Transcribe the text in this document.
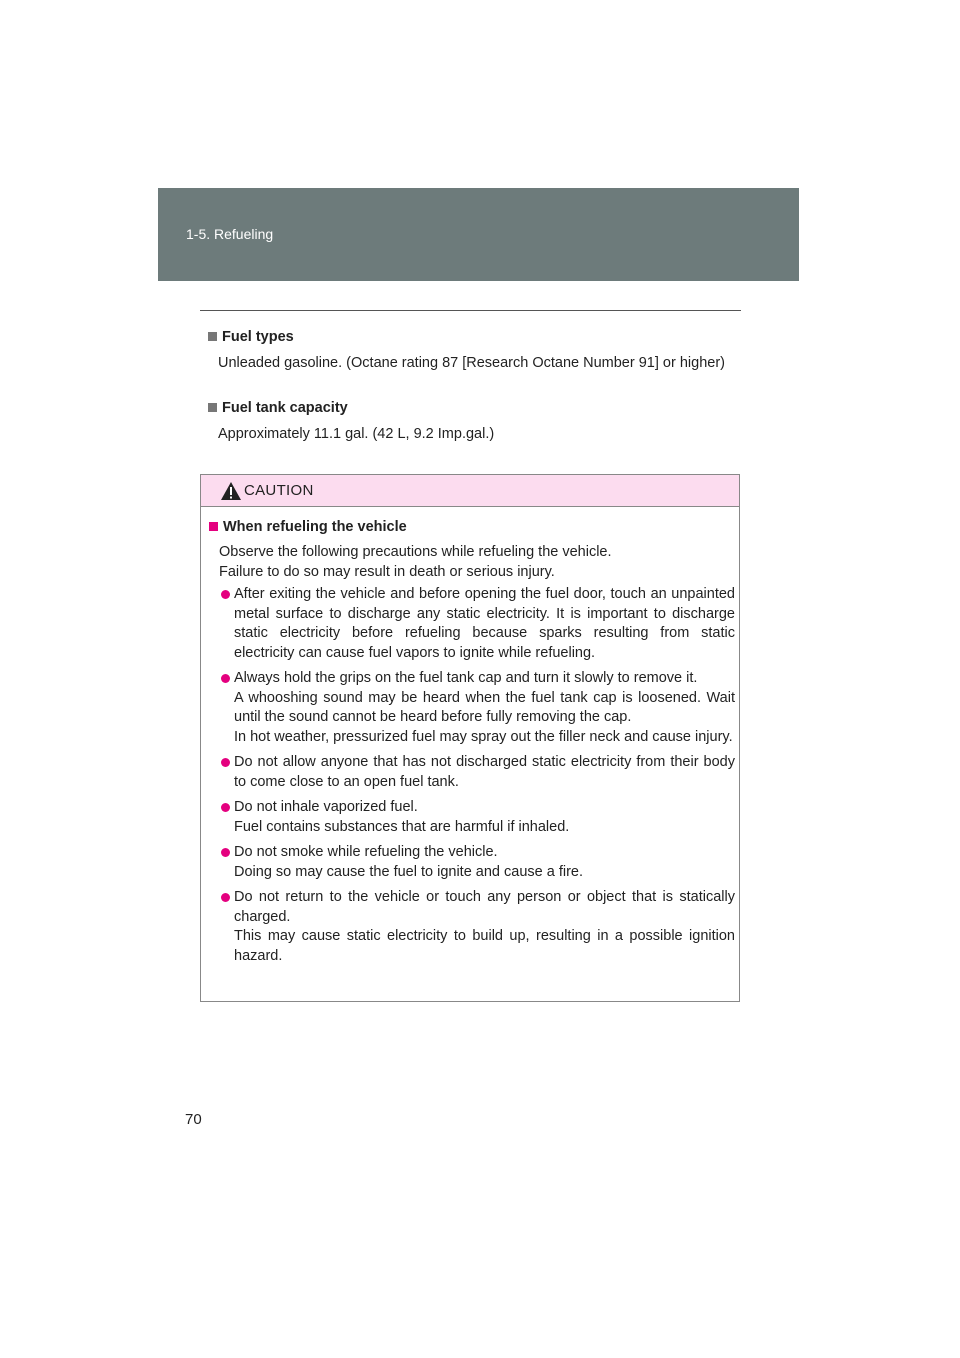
1-5. Refueling
Fuel types
Unleaded gasoline. (Octane rating 87 [Research Octane Number 91] or higher)
Fuel tank capacity
Approximately 11.1 gal. (42 L, 9.2 Imp.gal.)
CAUTION
When refueling the vehicle
Observe the following precautions while refueling the vehicle.
Failure to do so may result in death or serious injury.
After exiting the vehicle and before opening the fuel door, touch an unpainted metal surface to discharge any static electricity. It is important to discharge static electricity before refueling because sparks resulting from static electricity can cause fuel vapors to ignite while refueling.
Always hold the grips on the fuel tank cap and turn it slowly to remove it.
A whooshing sound may be heard when the fuel tank cap is loosened. Wait until the sound cannot be heard before fully removing the cap.
In hot weather, pressurized fuel may spray out the filler neck and cause injury.
Do not allow anyone that has not discharged static electricity from their body to come close to an open fuel tank.
Do not inhale vaporized fuel.
Fuel contains substances that are harmful if inhaled.
Do not smoke while refueling the vehicle.
Doing so may cause the fuel to ignite and cause a fire.
Do not return to the vehicle or touch any person or object that is statically charged.
This may cause static electricity to build up, resulting in a possible ignition hazard.
70
